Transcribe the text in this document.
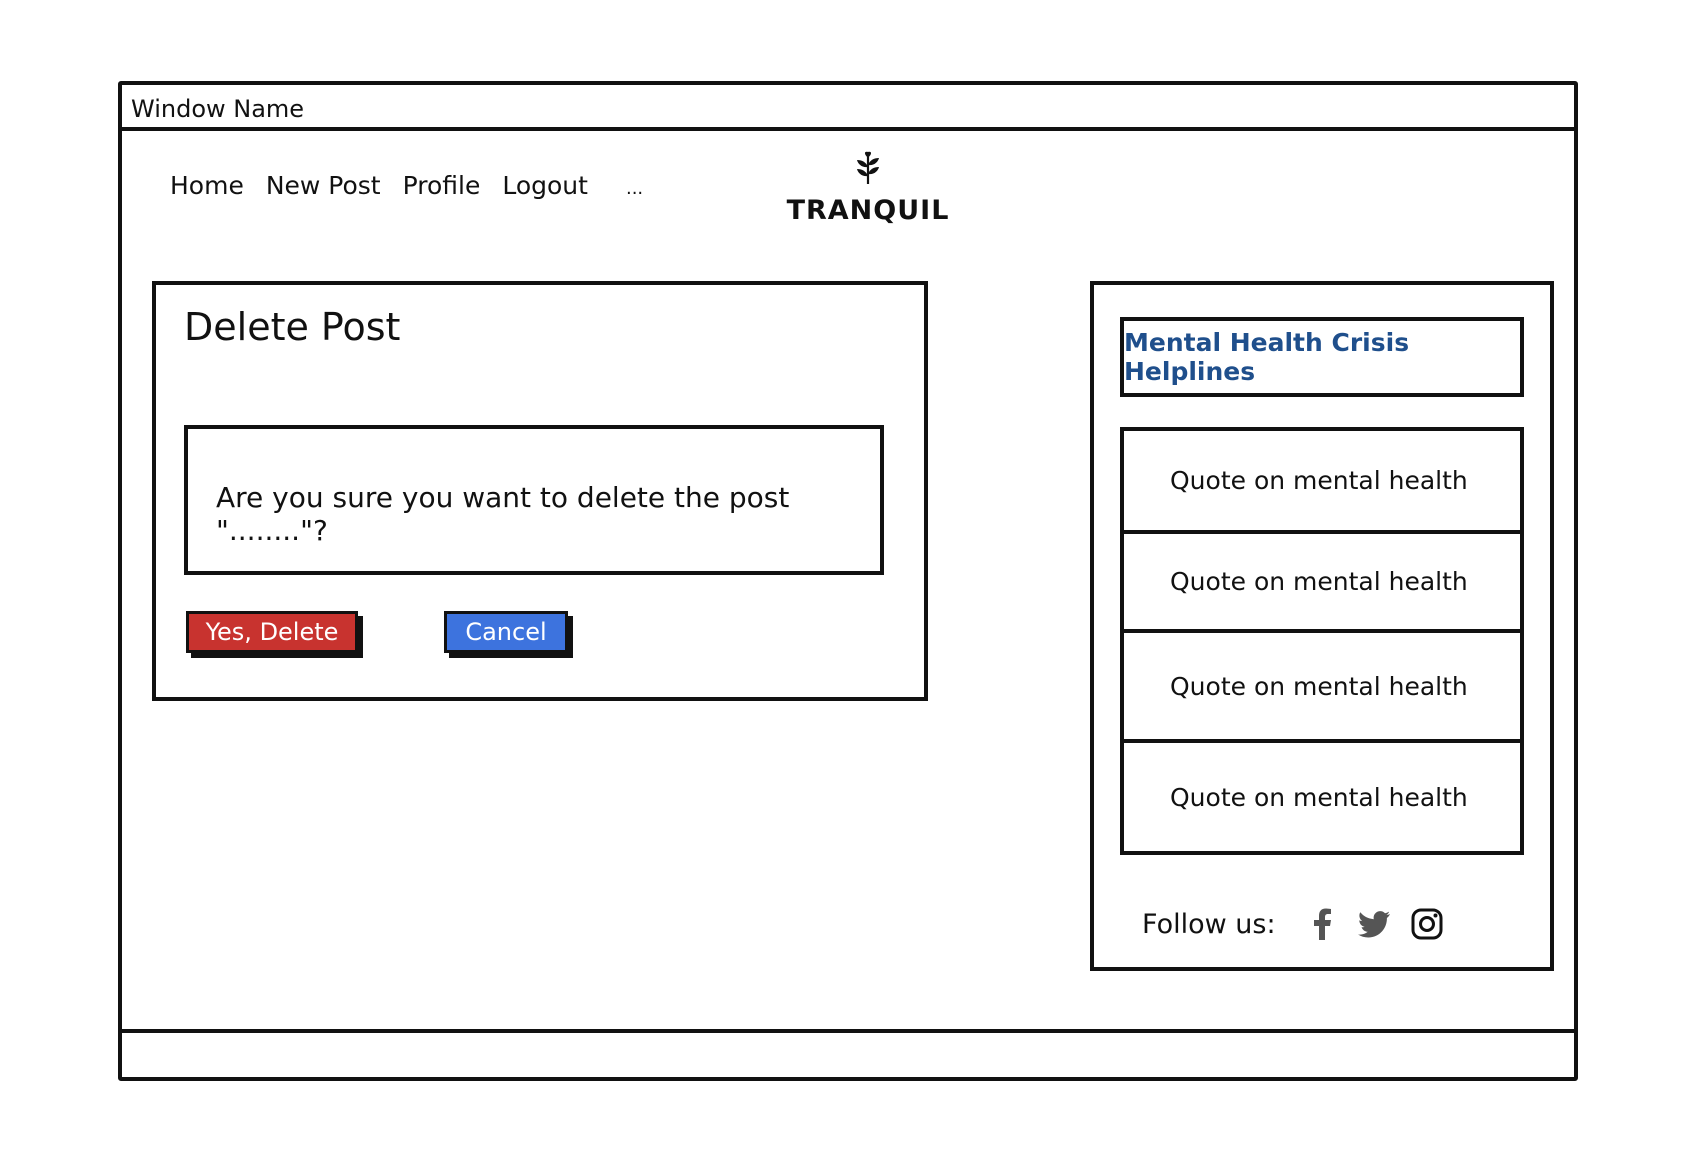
Window Name
Home New Post Profile Logout ...
TRANQUIL
Delete Post
Are you sure you want to delete the post "........"?
Yes, Delete	Cancel
Mental Health Crisis Helplines
Quote on mental health
Quote on mental health
Quote on mental health
Quote on mental health
Follow us:
